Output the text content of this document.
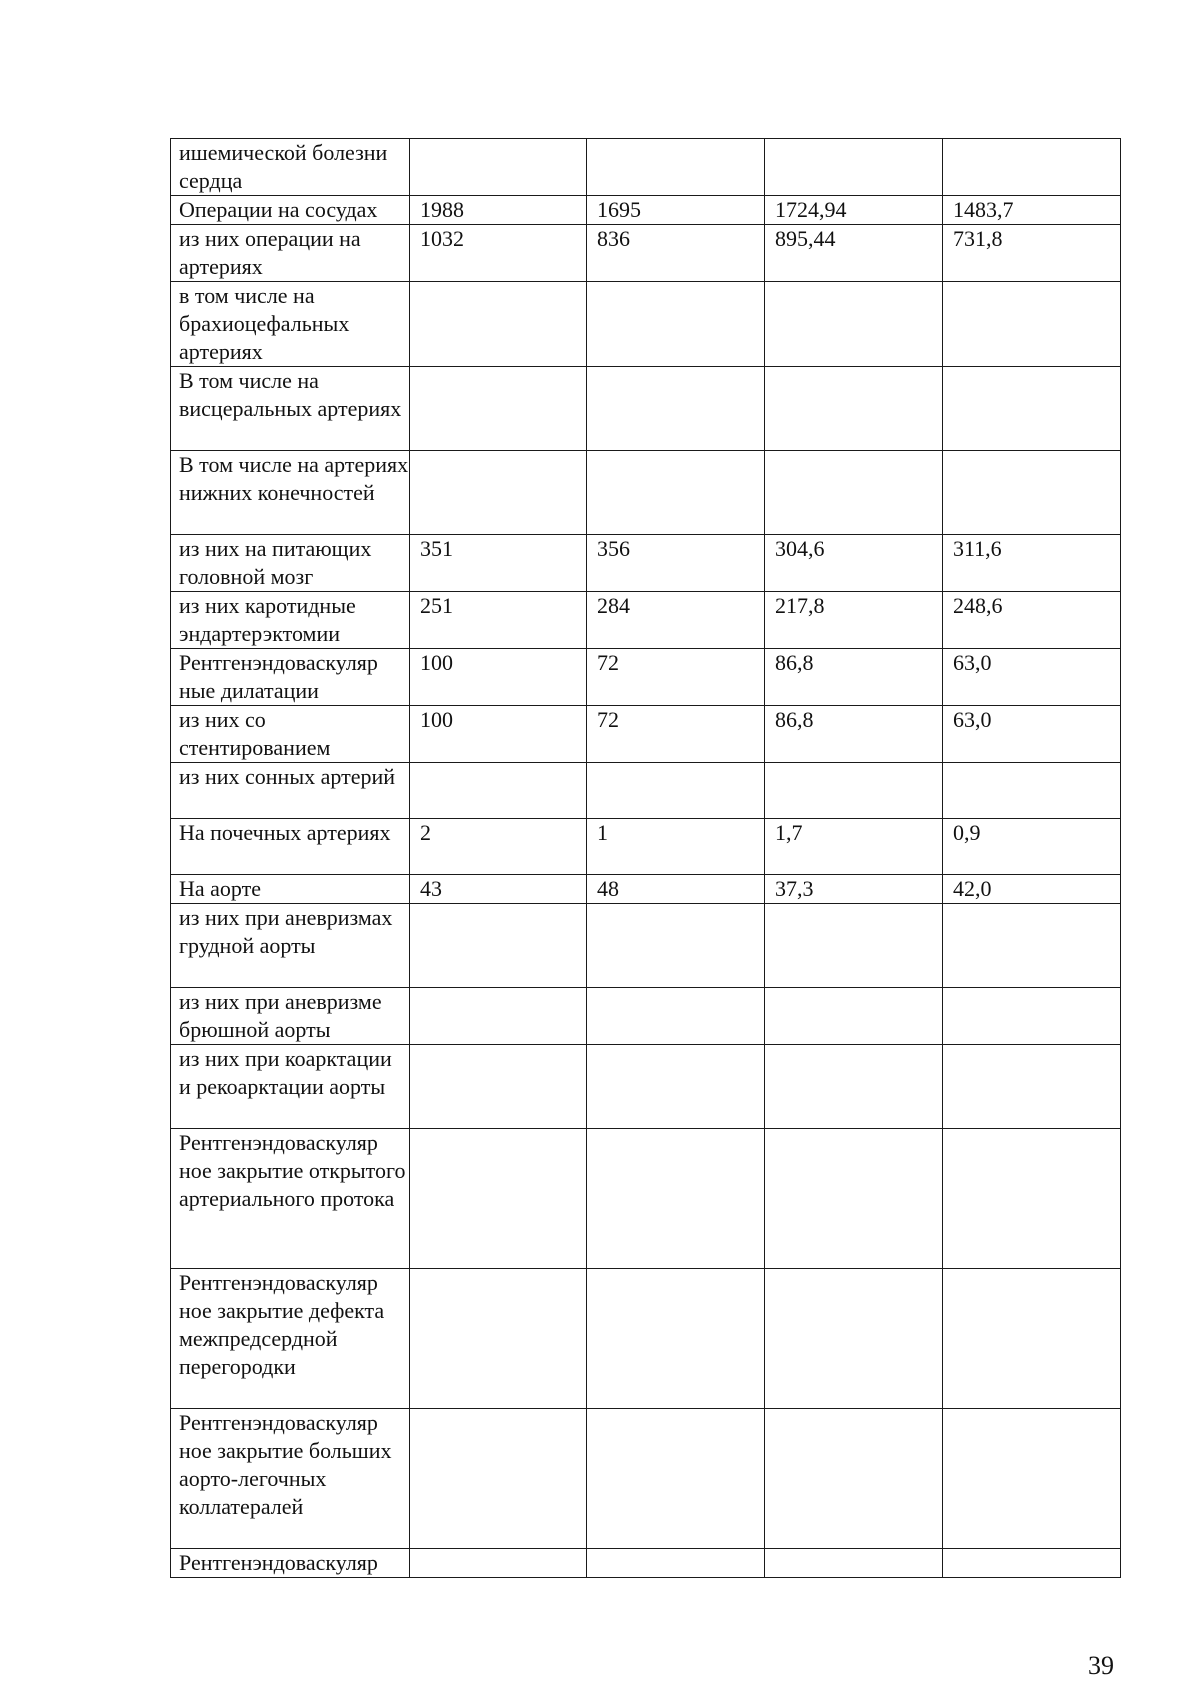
ишемической болезни сердца				
Операции на сосудах	1988	1695	1724,94	1483,7
из них операции на артериях	1032	836	895,44	731,8
в том числе на брахиоцефальных артериях				
В том числе на висцеральных артериях				
В том числе на артериях нижних конечностей				
из них на питающих головной мозг	351	356	304,6	311,6
из них каротидные эндартерэктомии	251	284	217,8	248,6
Рентгенэндоваскуляр ные дилатации	100	72	86,8	63,0
из них со стентированием	100	72	86,8	63,0
из них сонных артерий				
На почечных артериях	2	1	1,7	0,9
На аорте	43	48	37,3	42,0
из них при аневризмах грудной аорты				
из них при аневризме брюшной аорты				
из них при коарктации и рекоарктации аорты				
Рентгенэндоваскуляр ное закрытие открытого артериального протока				
Рентгенэндоваскуляр ное закрытие дефекта межпредсердной перегородки				
Рентгенэндоваскуляр ное закрытие больших аорто-легочных коллатералей				
Рентгенэндоваскуляр				
39
